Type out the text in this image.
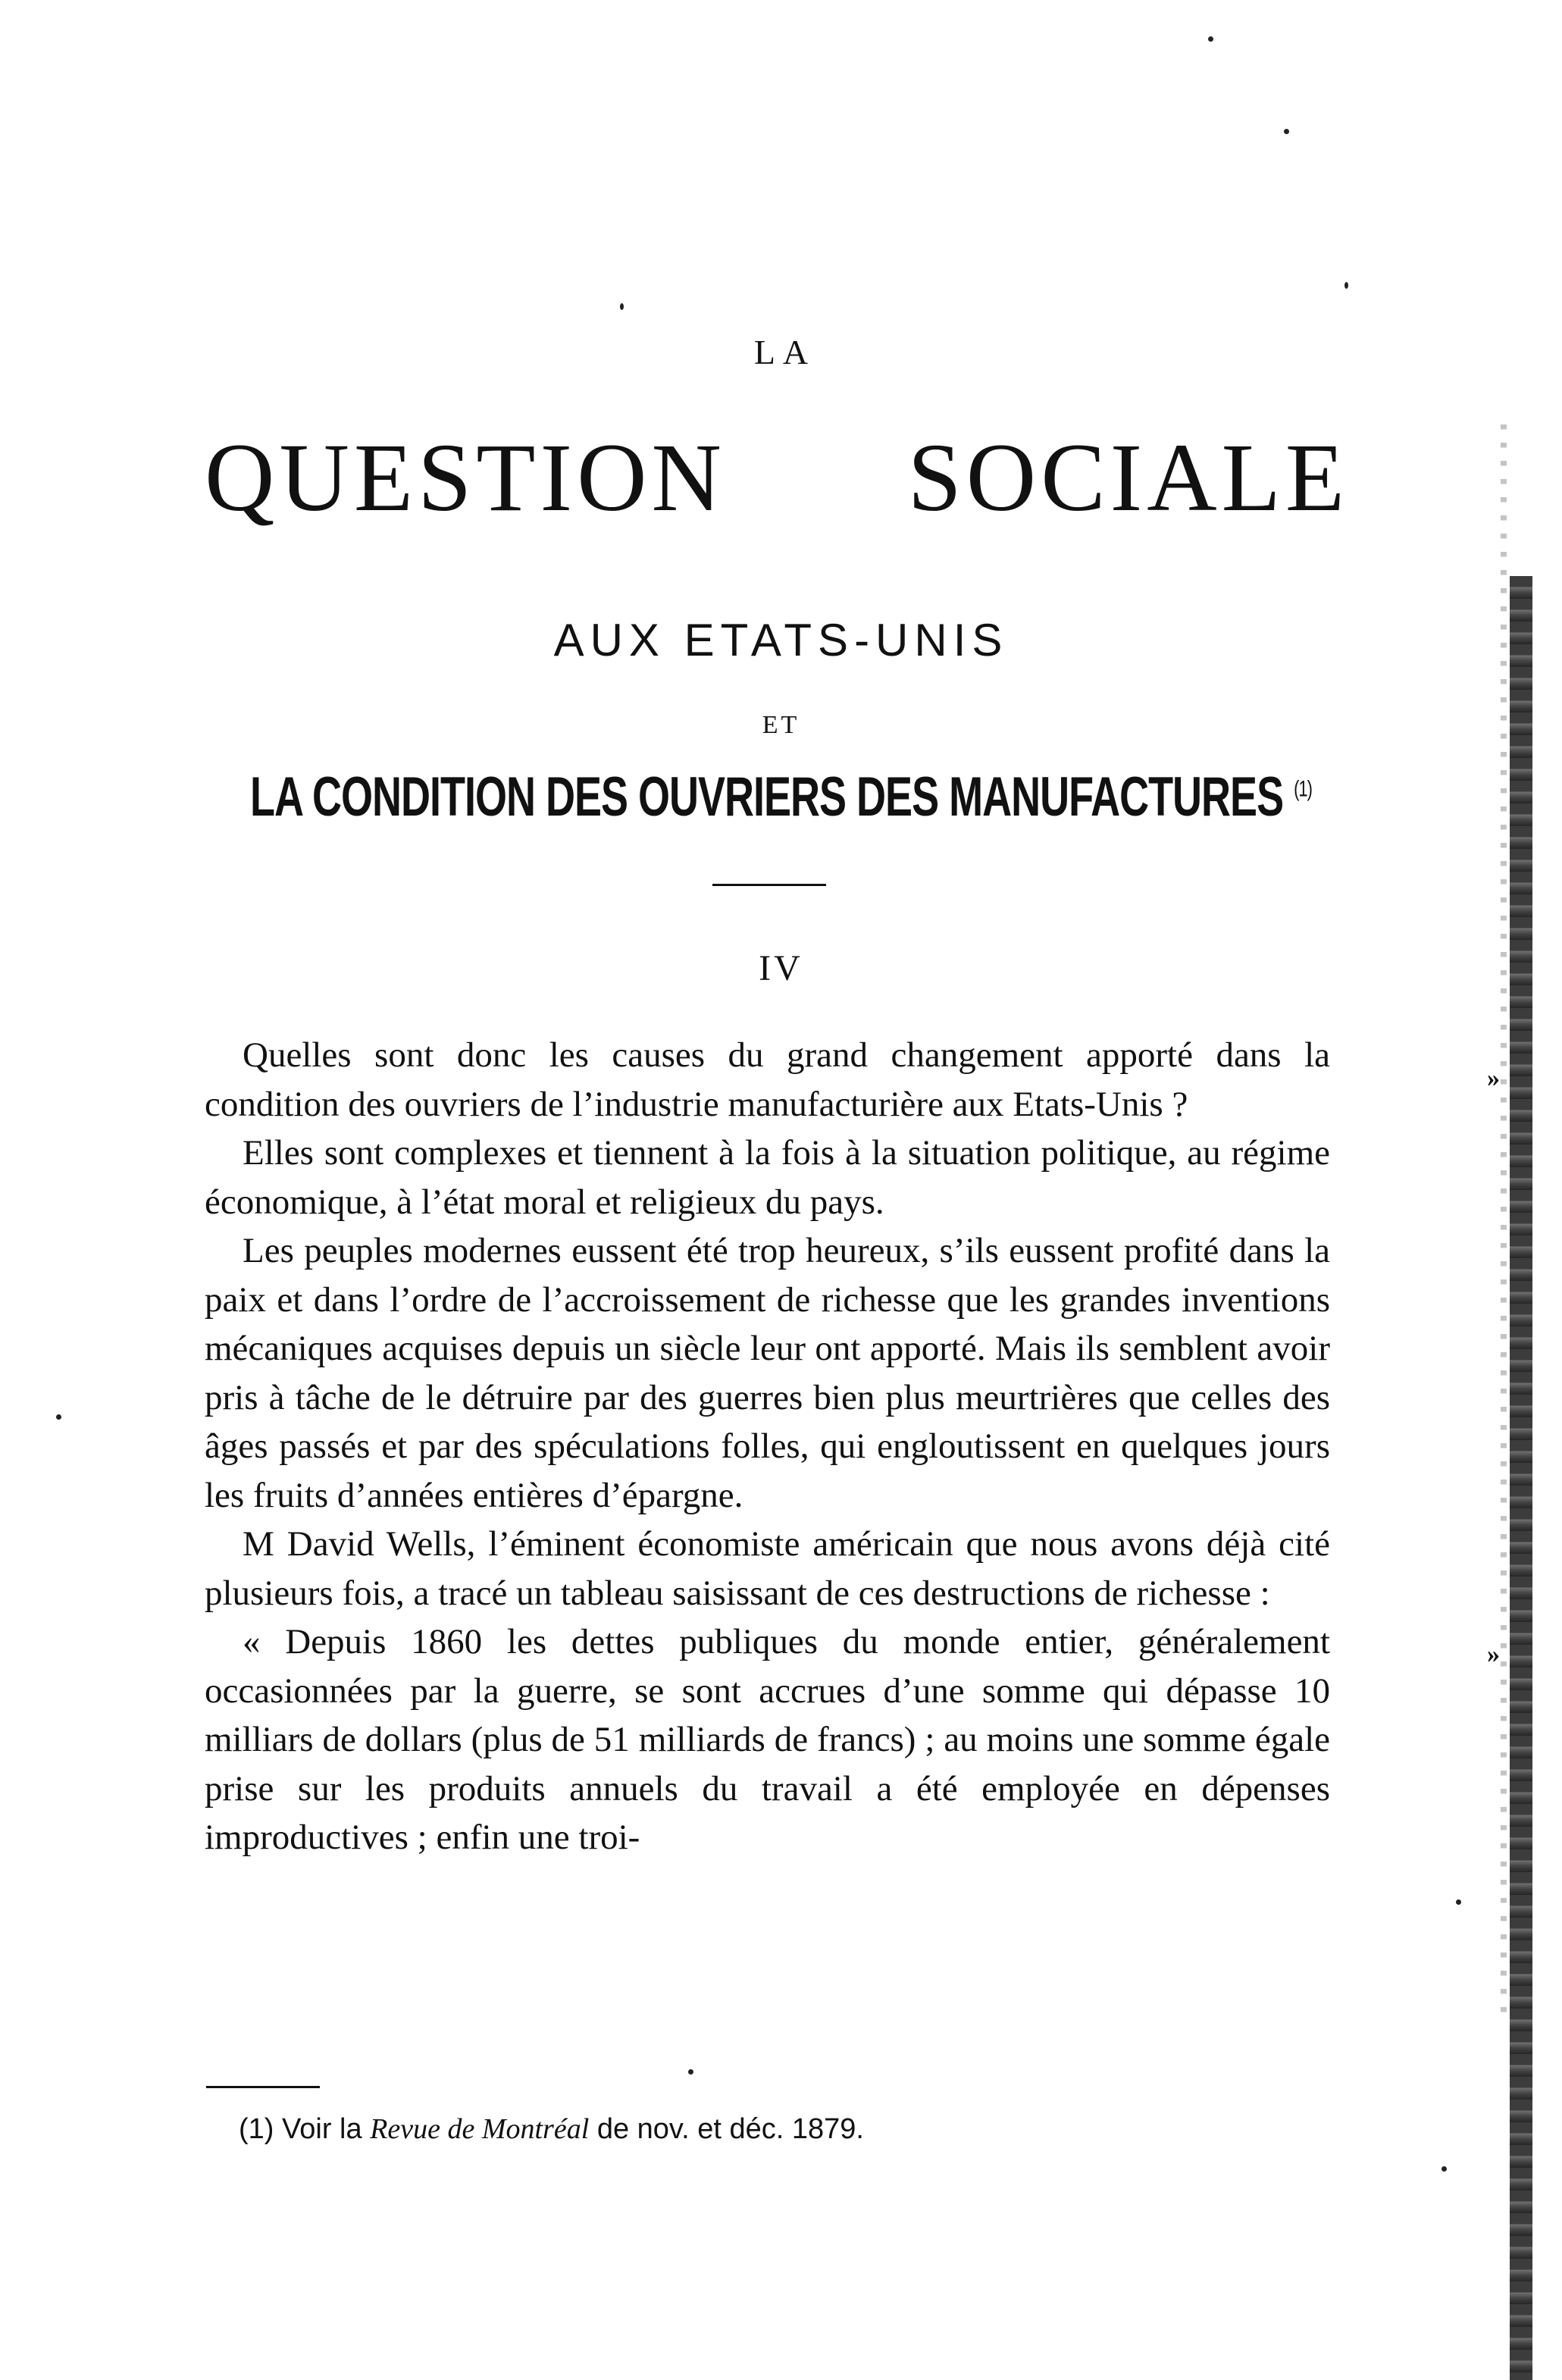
LA
QUESTION SOCIALE
AUX ETATS-UNIS
ET
LA CONDITION DES OUVRIERS DES MANUFACTURES $^{(1)}$
IV

Quelles sont donc les causes du grand changement apporté dans la condition des ouvriers de l’industrie manufacturière aux Etats-Unis ?

Elles sont complexes et tiennent à la fois à la situation politique, au régime économique, à l’état moral et religieux du pays.

Les peuples modernes eussent été trop heureux, s’ils eussent profité dans la paix et dans l’ordre de l’accroissement de richesse que les grandes inventions mécaniques acquises depuis un siècle leur ont apporté. Mais ils semblent avoir pris à tâche de le détruire par des guerres bien plus meurtrières que celles des âges passés et par des spéculations folles, qui engloutissent en quelques jours les fruits d’années entières d’épargne.

M David Wells, l’éminent économiste américain que nous avons déjà cité plusieurs fois, a tracé un tableau saisissant de ces destructions de richesse :

« Depuis 1860 les dettes publiques du monde entier, généralement occasionnées par la guerre, se sont accrues d’une somme qui dépasse 10 milliars de dollars (plus de 51 milliards de francs) ; au moins une somme égale prise sur les produits annuels du travail a été employée en dépenses improductives ; enfin une troi-

»
»
(1) Voir la Revue de Montréal de nov. et déc. 1879.
